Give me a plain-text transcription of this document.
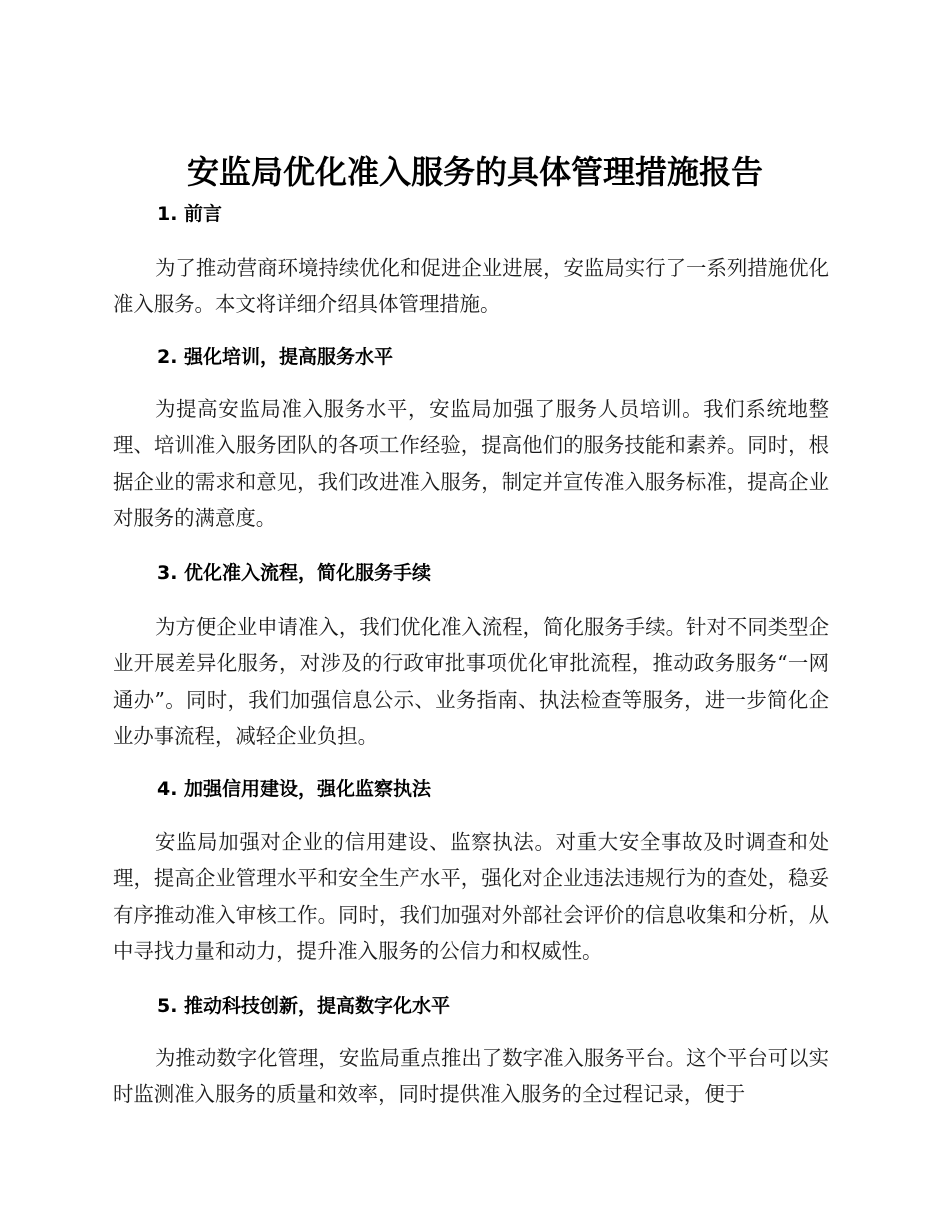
安监局优化准入服务的具体管理措施报告
1. 前言
为了推动营商环境持续优化和促进企业进展，安监局实行了一系列措施优化准入服务。本文将详细介绍具体管理措施。
2. 强化培训，提高服务水平
为提高安监局准入服务水平，安监局加强了服务人员培训。我们系统地整理、培训准入服务团队的各项工作经验，提高他们的服务技能和素养。同时，根据企业的需求和意见，我们改进准入服务，制定并宣传准入服务标准，提高企业对服务的满意度。
3. 优化准入流程，简化服务手续
为方便企业申请准入，我们优化准入流程，简化服务手续。针对不同类型企业开展差异化服务，对涉及的行政审批事项优化审批流程，推动政务服务“一网通办”。同时，我们加强信息公示、业务指南、执法检查等服务，进一步简化企业办事流程，减轻企业负担。
4. 加强信用建设，强化监察执法
安监局加强对企业的信用建设、监察执法。对重大安全事故及时调查和处理，提高企业管理水平和安全生产水平，强化对企业违法违规行为的查处，稳妥有序推动准入审核工作。同时，我们加强对外部社会评价的信息收集和分析，从中寻找力量和动力，提升准入服务的公信力和权威性。
5. 推动科技创新，提高数字化水平
为推动数字化管理，安监局重点推出了数字准入服务平台。这个平台可以实时监测准入服务的质量和效率，同时提供准入服务的全过程记录，便于
